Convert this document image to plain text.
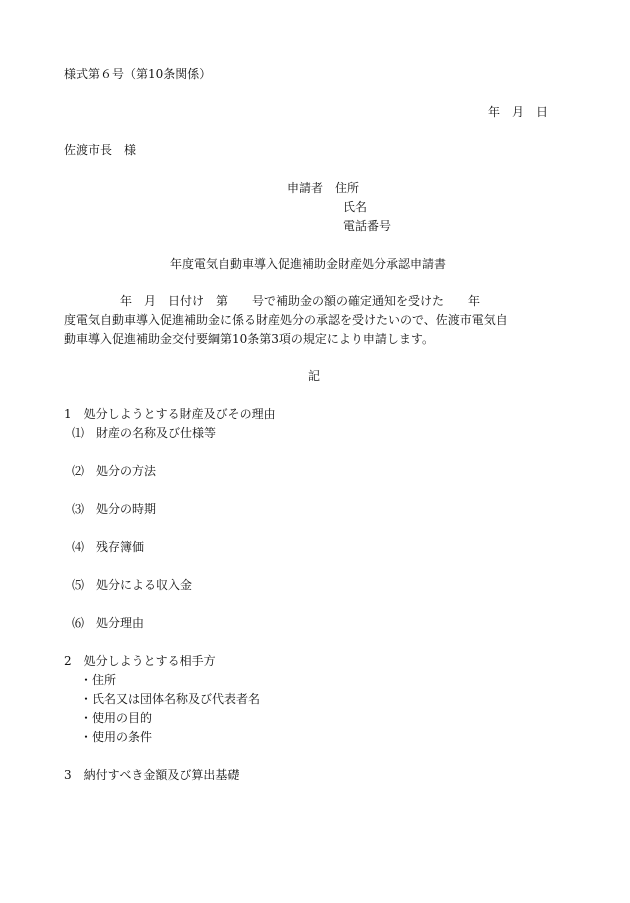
様式第６号（第10条関係）
年　月　日
佐渡市長　様
申請者　住所
氏名
電話番号
年度電気自動車導入促進補助金財産処分承認申請書
年　月　日付け　第　　号で補助金の額の確定通知を受けた　　年
度電気自動車導入促進補助金に係る財産処分の承認を受けたいので、佐渡市電気自
動車導入促進補助金交付要綱第10条第3項の規定により申請します。
記
1　処分しようとする財産及びその理由
⑴　財産の名称及び仕様等
⑵　処分の方法
⑶　処分の時期
⑷　残存簿価
⑸　処分による収入金
⑹　処分理由
2　処分しようとする相手方
・住所
・氏名又は団体名称及び代表者名
・使用の目的
・使用の条件
3　納付すべき金額及び算出基礎
